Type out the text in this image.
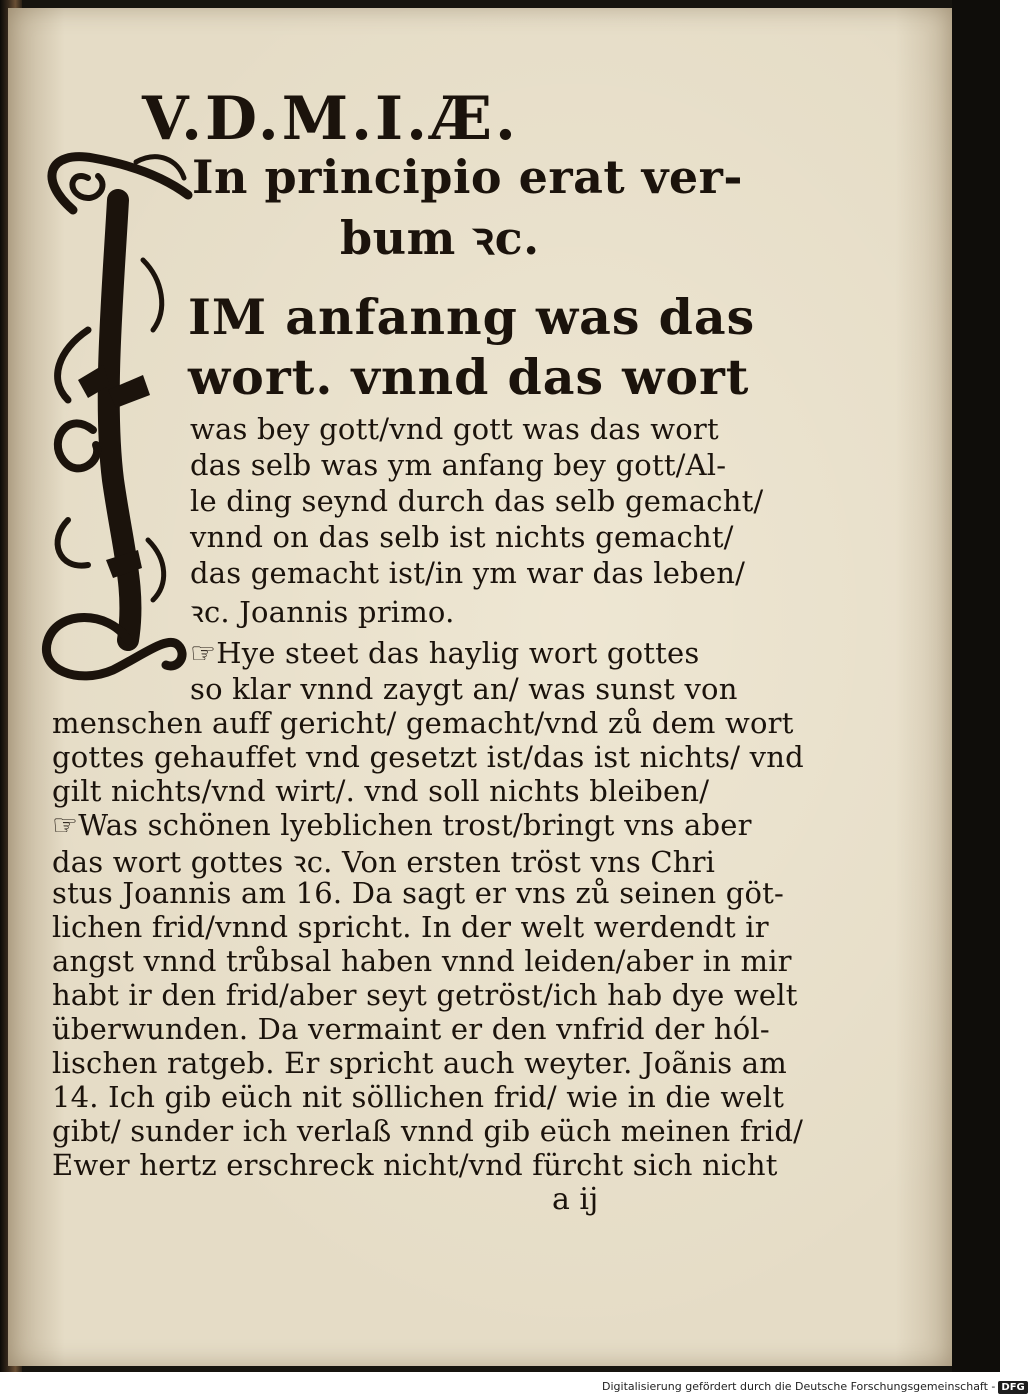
V.D.M.I.Æ.
In principio erat ver-
bum ꝛc.
IM anfanng was das
wort. vnnd das wort
was bey gott/vnd gott was das wort
das selb was ym anfang bey gott/Al-
le ding seynd durch das selb gemacht/
vnnd on das selb ist nichts gemacht/
das gemacht ist/in ym war das leben/
ꝛc. Joannis primo.
☞Hye steet das haylig wort gottes
so klar vnnd zaygt an/ was sunst von
menschen auff gericht/ gemacht/vnd zů dem wort
gottes gehauffet vnd gesetzt ist/das ist nichts/ vnd
gilt nichts/vnd wirt/. vnd soll nichts bleiben/
☞Was schönen lyeblichen trost/bringt vns aber
das wort gottes ꝛc. Von ersten tröst vns Chri
stus Joannis am 16. Da sagt er vns zů seinen göt-
lichen frid/vnnd spricht. In der welt werdendt ir
angst vnnd trůbsal haben vnnd leiden/aber in mir
habt ir den frid/aber seyt getröst/ich hab dye welt
überwunden. Da vermaint er den vnfrid der hól-
lischen ratgeb. Er spricht auch weyter. Joãnis am
14. Ich gib eüch nit söllichen frid/ wie in die welt
gibt/ sunder ich verlaß vnnd gib eüch meinen frid/
Ewer hertz erschreck nicht/vnd fürcht sich nicht
a ij
Digitalisierung gefördert durch die Deutsche Forschungsgemeinschaft - DFG
